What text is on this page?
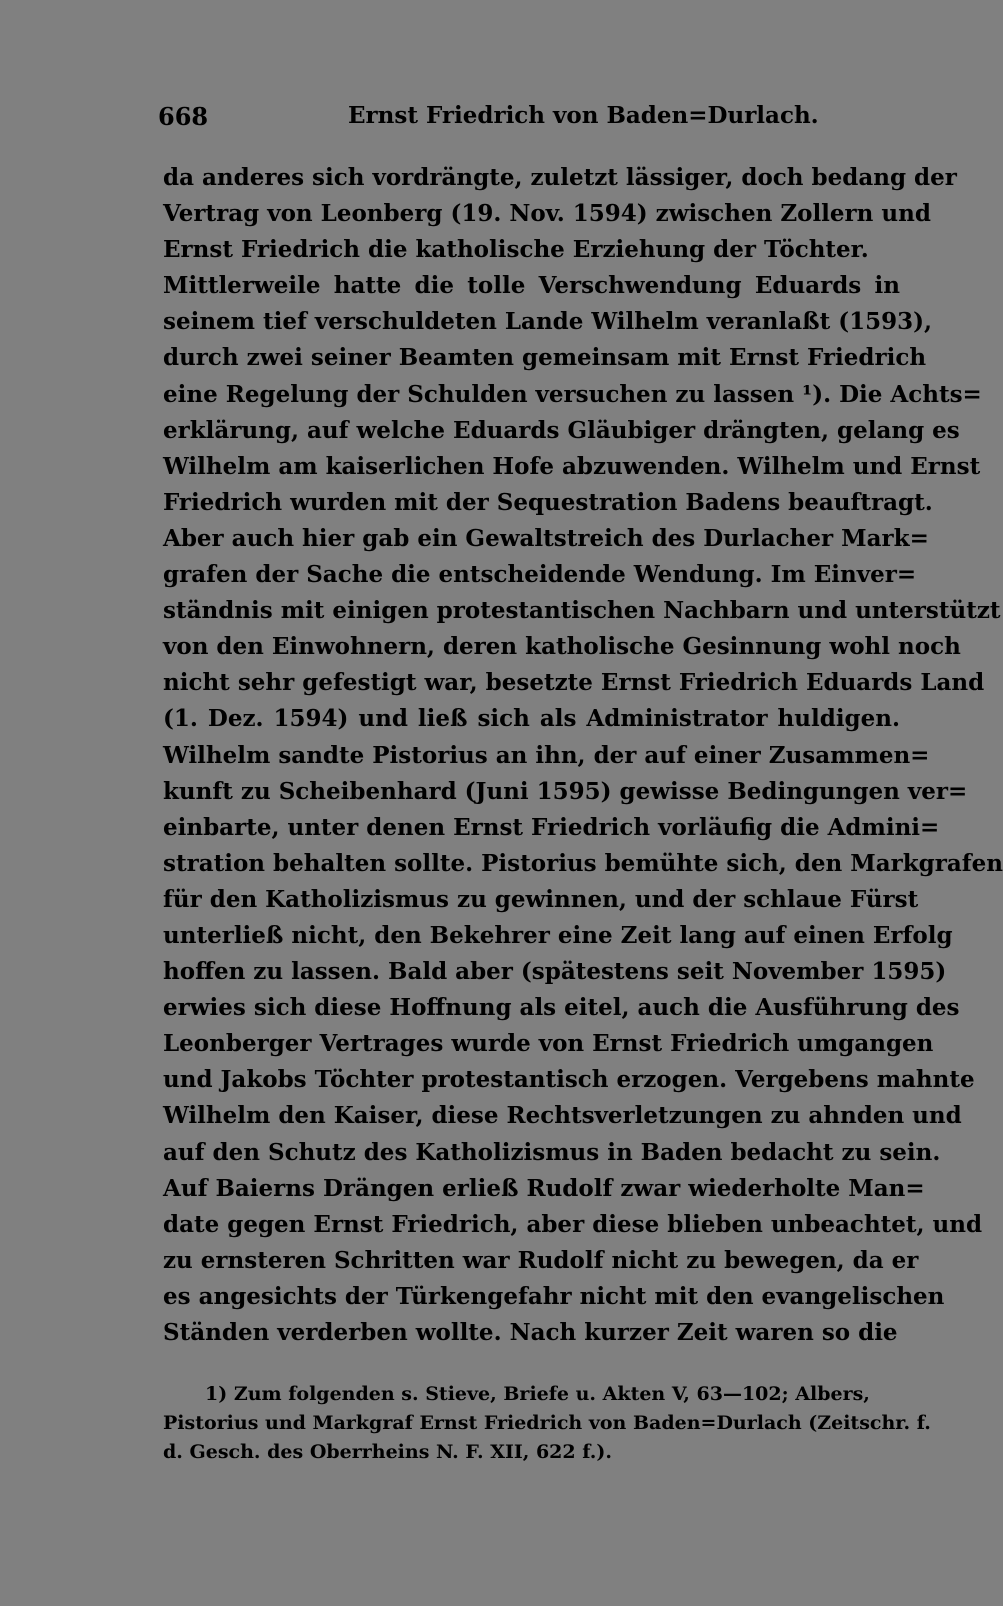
668	Ernst Friedrich von Baden=Durlach.
da anderes sich vordrängte, zuletzt lässiger, doch bedang der
Vertrag von Leonberg (19. Nov. 1594) zwischen Zollern und
Ernst Friedrich die katholische Erziehung der Töchter.
Mittlerweile hatte die tolle Verschwendung Eduards in
seinem tief verschuldeten Lande Wilhelm veranlaßt (1593),
durch zwei seiner Beamten gemeinsam mit Ernst Friedrich
eine Regelung der Schulden versuchen zu lassen ¹). Die Achts=
erklärung, auf welche Eduards Gläubiger drängten, gelang es
Wilhelm am kaiserlichen Hofe abzuwenden. Wilhelm und Ernst
Friedrich wurden mit der Sequestration Badens beauftragt.
Aber auch hier gab ein Gewaltstreich des Durlacher Mark=
grafen der Sache die entscheidende Wendung. Im Einver=
ständnis mit einigen protestantischen Nachbarn und unterstützt
von den Einwohnern, deren katholische Gesinnung wohl noch
nicht sehr gefestigt war, besetzte Ernst Friedrich Eduards Land
(1. Dez. 1594) und ließ sich als Administrator huldigen.
Wilhelm sandte Pistorius an ihn, der auf einer Zusammen=
kunft zu Scheibenhard (Juni 1595) gewisse Bedingungen ver=
einbarte, unter denen Ernst Friedrich vorläufig die Admini=
stration behalten sollte. Pistorius bemühte sich, den Markgrafen
für den Katholizismus zu gewinnen, und der schlaue Fürst
unterließ nicht, den Bekehrer eine Zeit lang auf einen Erfolg
hoffen zu lassen. Bald aber (spätestens seit November 1595)
erwies sich diese Hoffnung als eitel, auch die Ausführung des
Leonberger Vertrages wurde von Ernst Friedrich umgangen
und Jakobs Töchter protestantisch erzogen. Vergebens mahnte
Wilhelm den Kaiser, diese Rechtsverletzungen zu ahnden und
auf den Schutz des Katholizismus in Baden bedacht zu sein.
Auf Baierns Drängen erließ Rudolf zwar wiederholte Man=
date gegen Ernst Friedrich, aber diese blieben unbeachtet, und
zu ernsteren Schritten war Rudolf nicht zu bewegen, da er
es angesichts der Türkengefahr nicht mit den evangelischen
Ständen verderben wollte. Nach kurzer Zeit waren so die
1) Zum folgenden s. Stieve, Briefe u. Akten V, 63—102; Albers,
Pistorius und Markgraf Ernst Friedrich von Baden=Durlach (Zeitschr. f.
d. Gesch. des Oberrheins N. F. XII, 622 f.).
